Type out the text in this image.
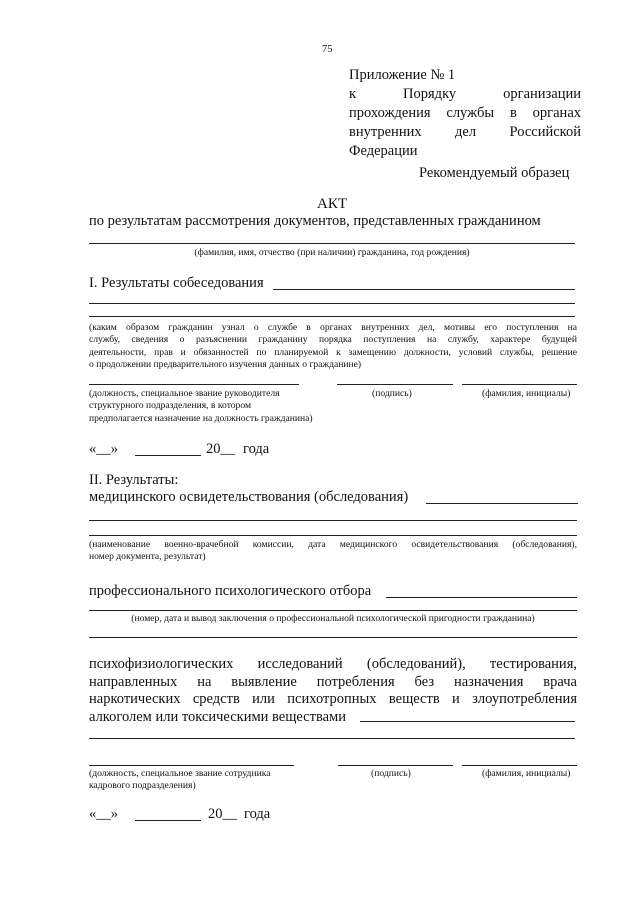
75
Приложение № 1
к Порядку организации
прохождения службы в органах
внутренних дел Российской
Федерации
Рекомендуемый образец
АКТ
по результатам рассмотрения документов, представленных гражданином
(фамилия, имя, отчество (при наличии) гражданина, год рождения)
I. Результаты собеседования
(каким образом гражданин узнал о службе в органах внутренних дел, мотивы его поступления на
службу, сведения о разъяснении гражданину порядка поступления на службу, характере будущей
деятельности, прав и обязанностей по планируемой к замещению должности, условий службы, решение
о продолжении предварительного изучения данных о гражданине)
(должность, специальное звание руководителя
структурного подразделения, в котором
предполагается назначение на должность гражданина)
(подпись)	(фамилия, инициалы)
«__»	20__ года
II. Результаты:
медицинского освидетельствования (обследования)
(наименование военно-врачебной комиссии, дата медицинского освидетельствования (обследования),
номер документа, результат)
профессионального психологического отбора
(номер, дата и вывод заключения о профессиональной психологической пригодности гражданина)
психофизиологических исследований (обследований), тестирования,
направленных на выявление потребления без назначения врача
наркотических средств или психотропных веществ и злоупотребления
алкоголем или токсическими веществами
(должность, специальное звание сотрудника
кадрового подразделения)
(подпись)	(фамилия, инициалы)
«__»	20__ года
